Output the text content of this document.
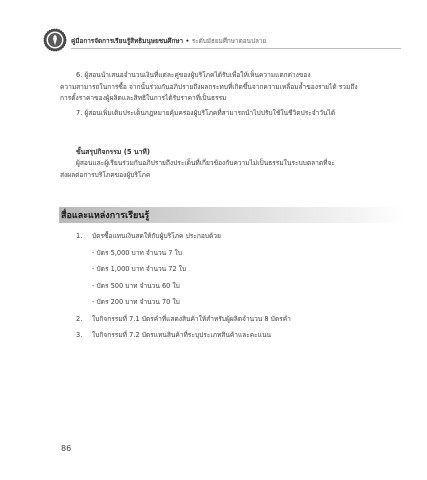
คู่มือการจัดการเรียนรู้สิทธิมนุษยชนศึกษา • ระดับมัธยมศึกษาตอนปลาย
6. ผู้สอนนำเสนอจำนวนเงินที่แต่ละคู่ของผู้บริโภคได้รับเพื่อให้เห็นความแตกต่างของ
ความสามารถในการซื้อ จากนั้นร่วมกันอภิปรายถึงผลกระทบที่เกิดขึ้นจากความเหลื่อมล้ำของรายได้ รวมถึง
การตั้งราคาของผู้ผลิตและสิทธิในการได้รับราคาที่เป็นธรรม
7. ผู้สอนเพิ่มเติมประเด็นกฎหมายคุ้มครองผู้บริโภคที่สามารถนำไปปรับใช้ในชีวิตประจำวันได้
ขั้นสรุปกิจกรรม (5 นาที)
ผู้สอนและผู้เรียนร่วมกันอภิปรายถึงประเด็นที่เกี่ยวข้องกับความไม่เป็นธรรมในระบบตลาดที่จะ
ส่งผลต่อการบริโภคของผู้บริโภค
สื่อและแหล่งการเรียนรู้
1. บัตรซื้อแทนเงินสดให้กับผู้บริโภค ประกอบด้วย
- บัตร 5,000 บาท จำนวน 7 ใบ
- บัตร 1,000 บาท จำนวน 72 ใบ
- บัตร 500 บาท จำนวน 60 ใบ
- บัตร 200 บาท จำนวน 70 ใบ
2. ใบกิจกรรมที่ 7.1 บัตรคำที่แสดงสินค้าให้สำหรับผู้ผลิตจำนวน 8 บัตรคำ
3. ใบกิจกรรมที่ 7.2 บัตรแทนสินค้าที่ระบุประเภทสินค้าและคะแนน
86
